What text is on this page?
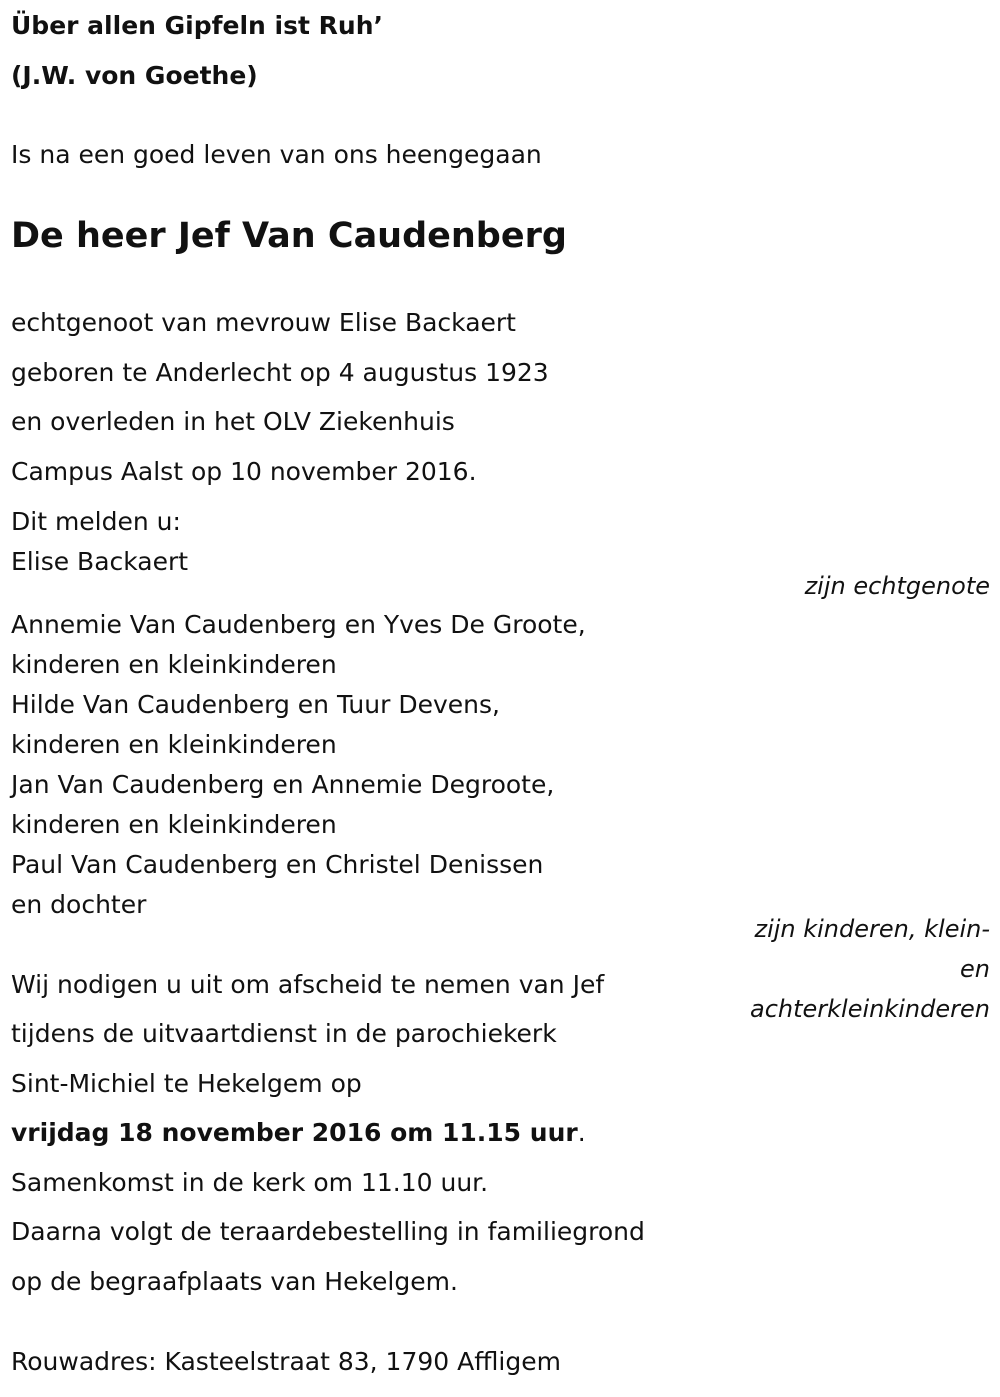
Über allen Gipfeln ist Ruh’
(J.W. von Goethe)
Is na een goed leven van ons heengegaan
De heer Jef Van Caudenberg
echtgenoot van mevrouw Elise Backaert
geboren te Anderlecht op 4 augustus 1923
en overleden in het OLV Ziekenhuis
Campus Aalst op 10 november 2016.
Dit melden u:
Elise Backaert
zijn echtgenote
Annemie Van Caudenberg en Yves De Groote,
kinderen en kleinkinderen
Hilde Van Caudenberg en Tuur Devens,
kinderen en kleinkinderen
Jan Van Caudenberg en Annemie Degroote,
kinderen en kleinkinderen
Paul Van Caudenberg en Christel Denissen
en dochter
zijn kinderen, klein-
en
achterkleinkinderen
Wij nodigen u uit om afscheid te nemen van Jef
tijdens de uitvaartdienst in de parochiekerk
Sint-Michiel te Hekelgem op
vrijdag 18 november 2016 om 11.15 uur.
Samenkomst in de kerk om 11.10 uur.
Daarna volgt de teraardebestelling in familiegrond
op de begraafplaats van Hekelgem.
Rouwadres: Kasteelstraat 83, 1790 Affligem
